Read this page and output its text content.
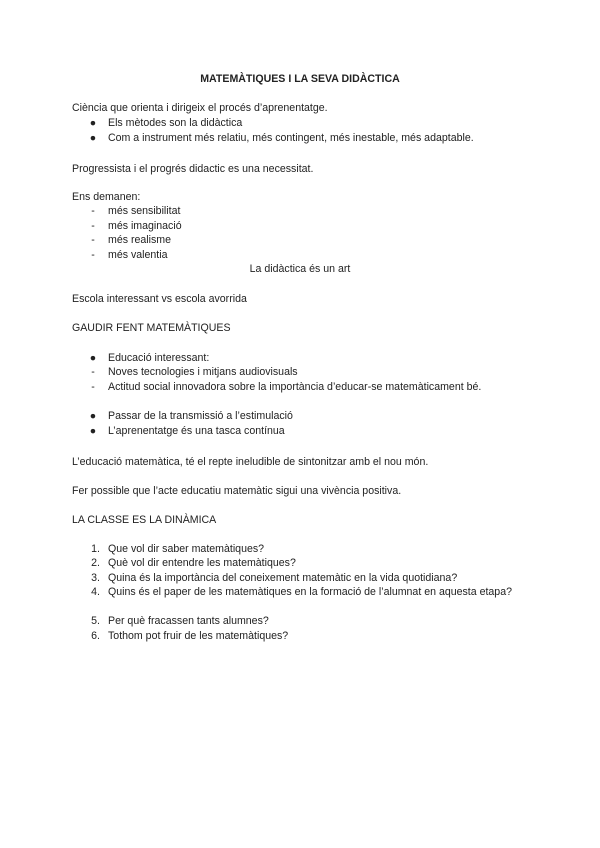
MATEMÀTIQUES I LA SEVA DIDÀCTICA
Ciència que orienta i dirigeix el procés d’aprenentatge.
● Els mètodes son la didàctica
● Com a instrument més relatiu, més contingent, més inestable, més adaptable.
Progressista i el progrés didactic es una necessitat.
Ens demanen:
-	més sensibilitat
-	més imaginació
-	més realisme
-	més valentia
La didàctica és un art
Escola interessant vs escola avorrida
GAUDIR FENT MATEMÀTIQUES
● Educació interessant:
-	Noves tecnologies i mitjans audiovisuals
-	Actitud social innovadora sobre la importància d’educar-se matemàticament bé.
● Passar de la transmissió a l’estimulació
● L’aprenentatge és una tasca contínua
L’educació matemàtica, té el repte ineludible de sintonitzar amb el nou món.
Fer possible que l’acte educatiu matemàtic sigui una vivència positiva.
LA CLASSE ES LA DINÀMICA
1. Que vol dir saber matemàtiques?
2. Què vol dir entendre les matemàtiques?
3. Quina és la importància del coneixement matemàtic en la vida quotidiana?
4. Quins és el paper de les matemàtiques en la formació de l’alumnat en aquesta etapa?
5. Per què fracassen tants alumnes?
6. Tothom pot fruir de les matemàtiques?
